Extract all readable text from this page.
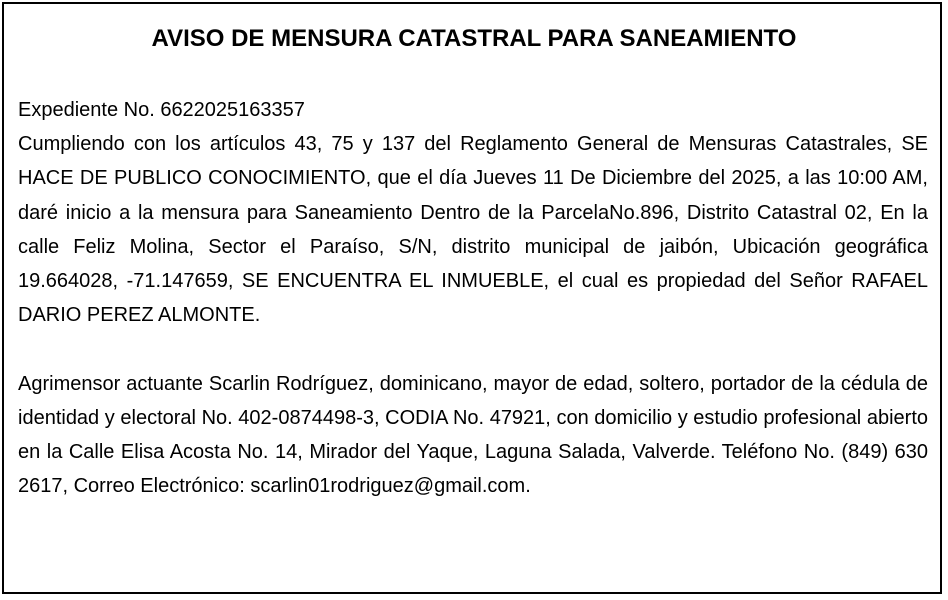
AVISO DE MENSURA CATASTRAL PARA SANEAMIENTO

Expediente No. 6622025163357

Cumpliendo con los artículos 43, 75 y 137 del Reglamento General de Mensuras Catastrales, SE HACE DE PUBLICO CONOCIMIENTO, que el día Jueves 11 De Diciembre del 2025, a las 10:00 AM, daré inicio a la mensura para Saneamiento Dentro de la ParcelaNo.896, Distrito Catastral 02, En la calle Feliz Molina, Sector el Paraíso, S/N, distrito municipal de jaibón, Ubicación geográfica 19.664028, -71.147659, SE ENCUENTRA EL INMUEBLE, el cual es propiedad del Señor RAFAEL DARIO PEREZ ALMONTE.

Agrimensor actuante Scarlin Rodríguez, dominicano, mayor de edad, soltero, portador de la cédula de identidad y electoral No. 402-0874498-3, CODIA No. 47921, con domicilio y estudio profesional abierto en la Calle Elisa Acosta No. 14, Mirador del Yaque, Laguna Salada, Valverde. Teléfono No. (849) 630 2617, Correo Electrónico: scarlin01rodriguez@gmail.com.
